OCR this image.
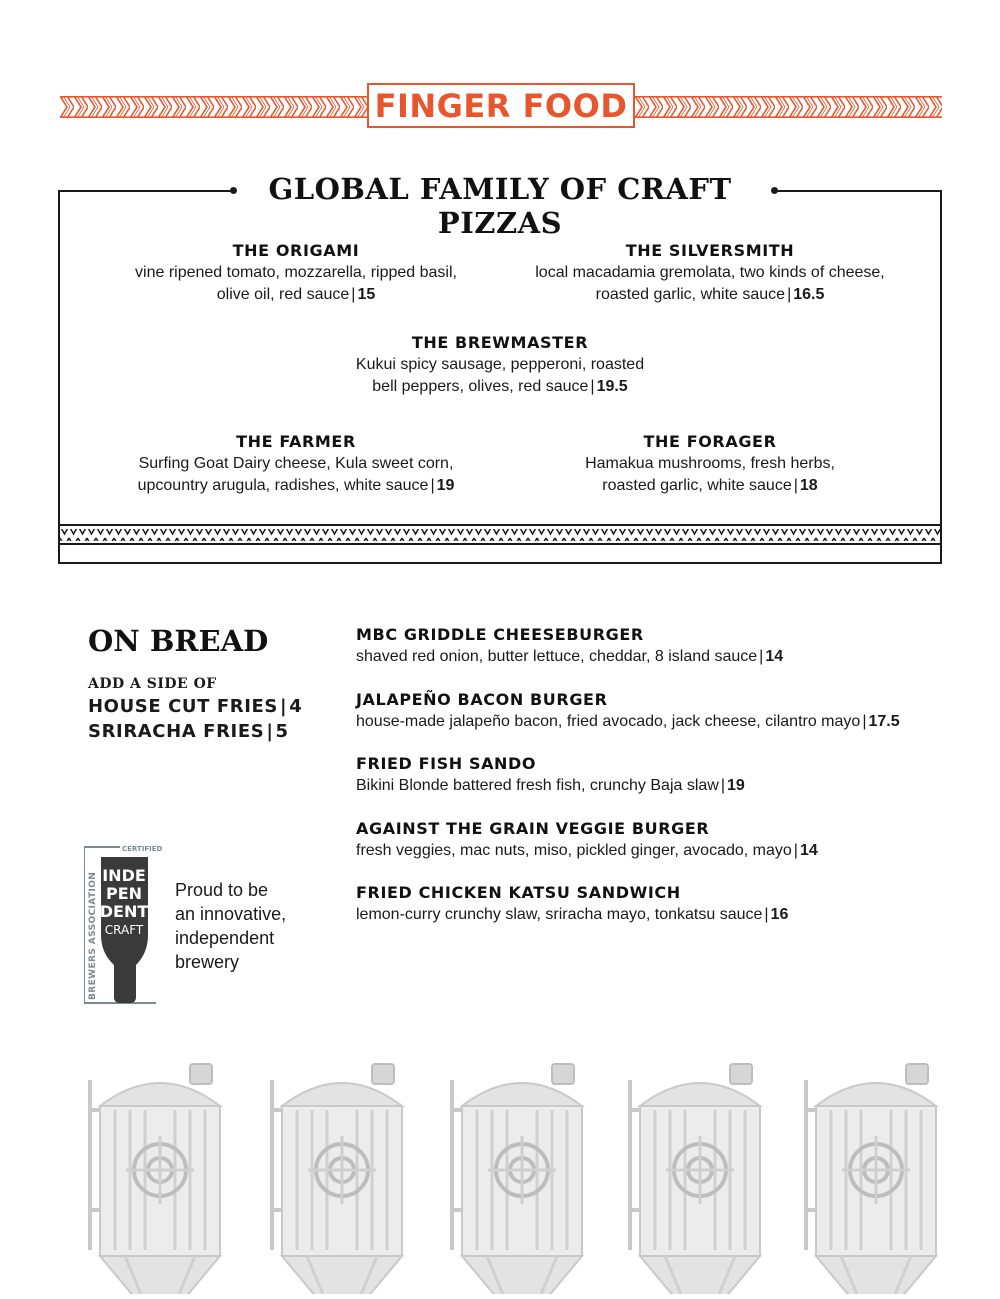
FINGER FOOD
GLOBAL FAMILY OF CRAFT PIZZAS
THE ORIGAMI
vine ripened tomato, mozzarella, ripped basil,
olive oil, red sauce | 15
THE SILVERSMITH
local macadamia gremolata, two kinds of cheese,
roasted garlic, white sauce | 16.5
THE BREWMASTER
Kukui spicy sausage, pepperoni, roasted
bell peppers, olives, red sauce | 19.5
THE FARMER
Surfing Goat Dairy cheese, Kula sweet corn,
upcountry arugula, radishes, white sauce | 19
THE FORAGER
Hamakua mushrooms, fresh herbs,
roasted garlic, white sauce | 18
ON BREAD
ADD A SIDE OF
HOUSE CUT FRIES | 4
SRIRACHA FRIES | 5
MBC GRIDDLE CHEESEBURGER
shaved red onion, butter lettuce, cheddar, 8 island sauce | 14
JALAPEÑO BACON BURGER
house-made jalapeño bacon, fried avocado, jack cheese, cilantro mayo | 17.5
FRIED FISH SANDO
Bikini Blonde battered fresh fish, crunchy Baja slaw | 19
AGAINST THE GRAIN VEGGIE BURGER
fresh veggies, mac nuts, miso, pickled ginger, avocado, mayo | 14
FRIED CHICKEN KATSU SANDWICH
lemon-curry crunchy slaw, sriracha mayo, tonkatsu sauce | 16
CERTIFIED
BREWERS ASSOCIATION INDE
PEN
DENT
CRAFT
Proud to be
an innovative,
independent
brewery
